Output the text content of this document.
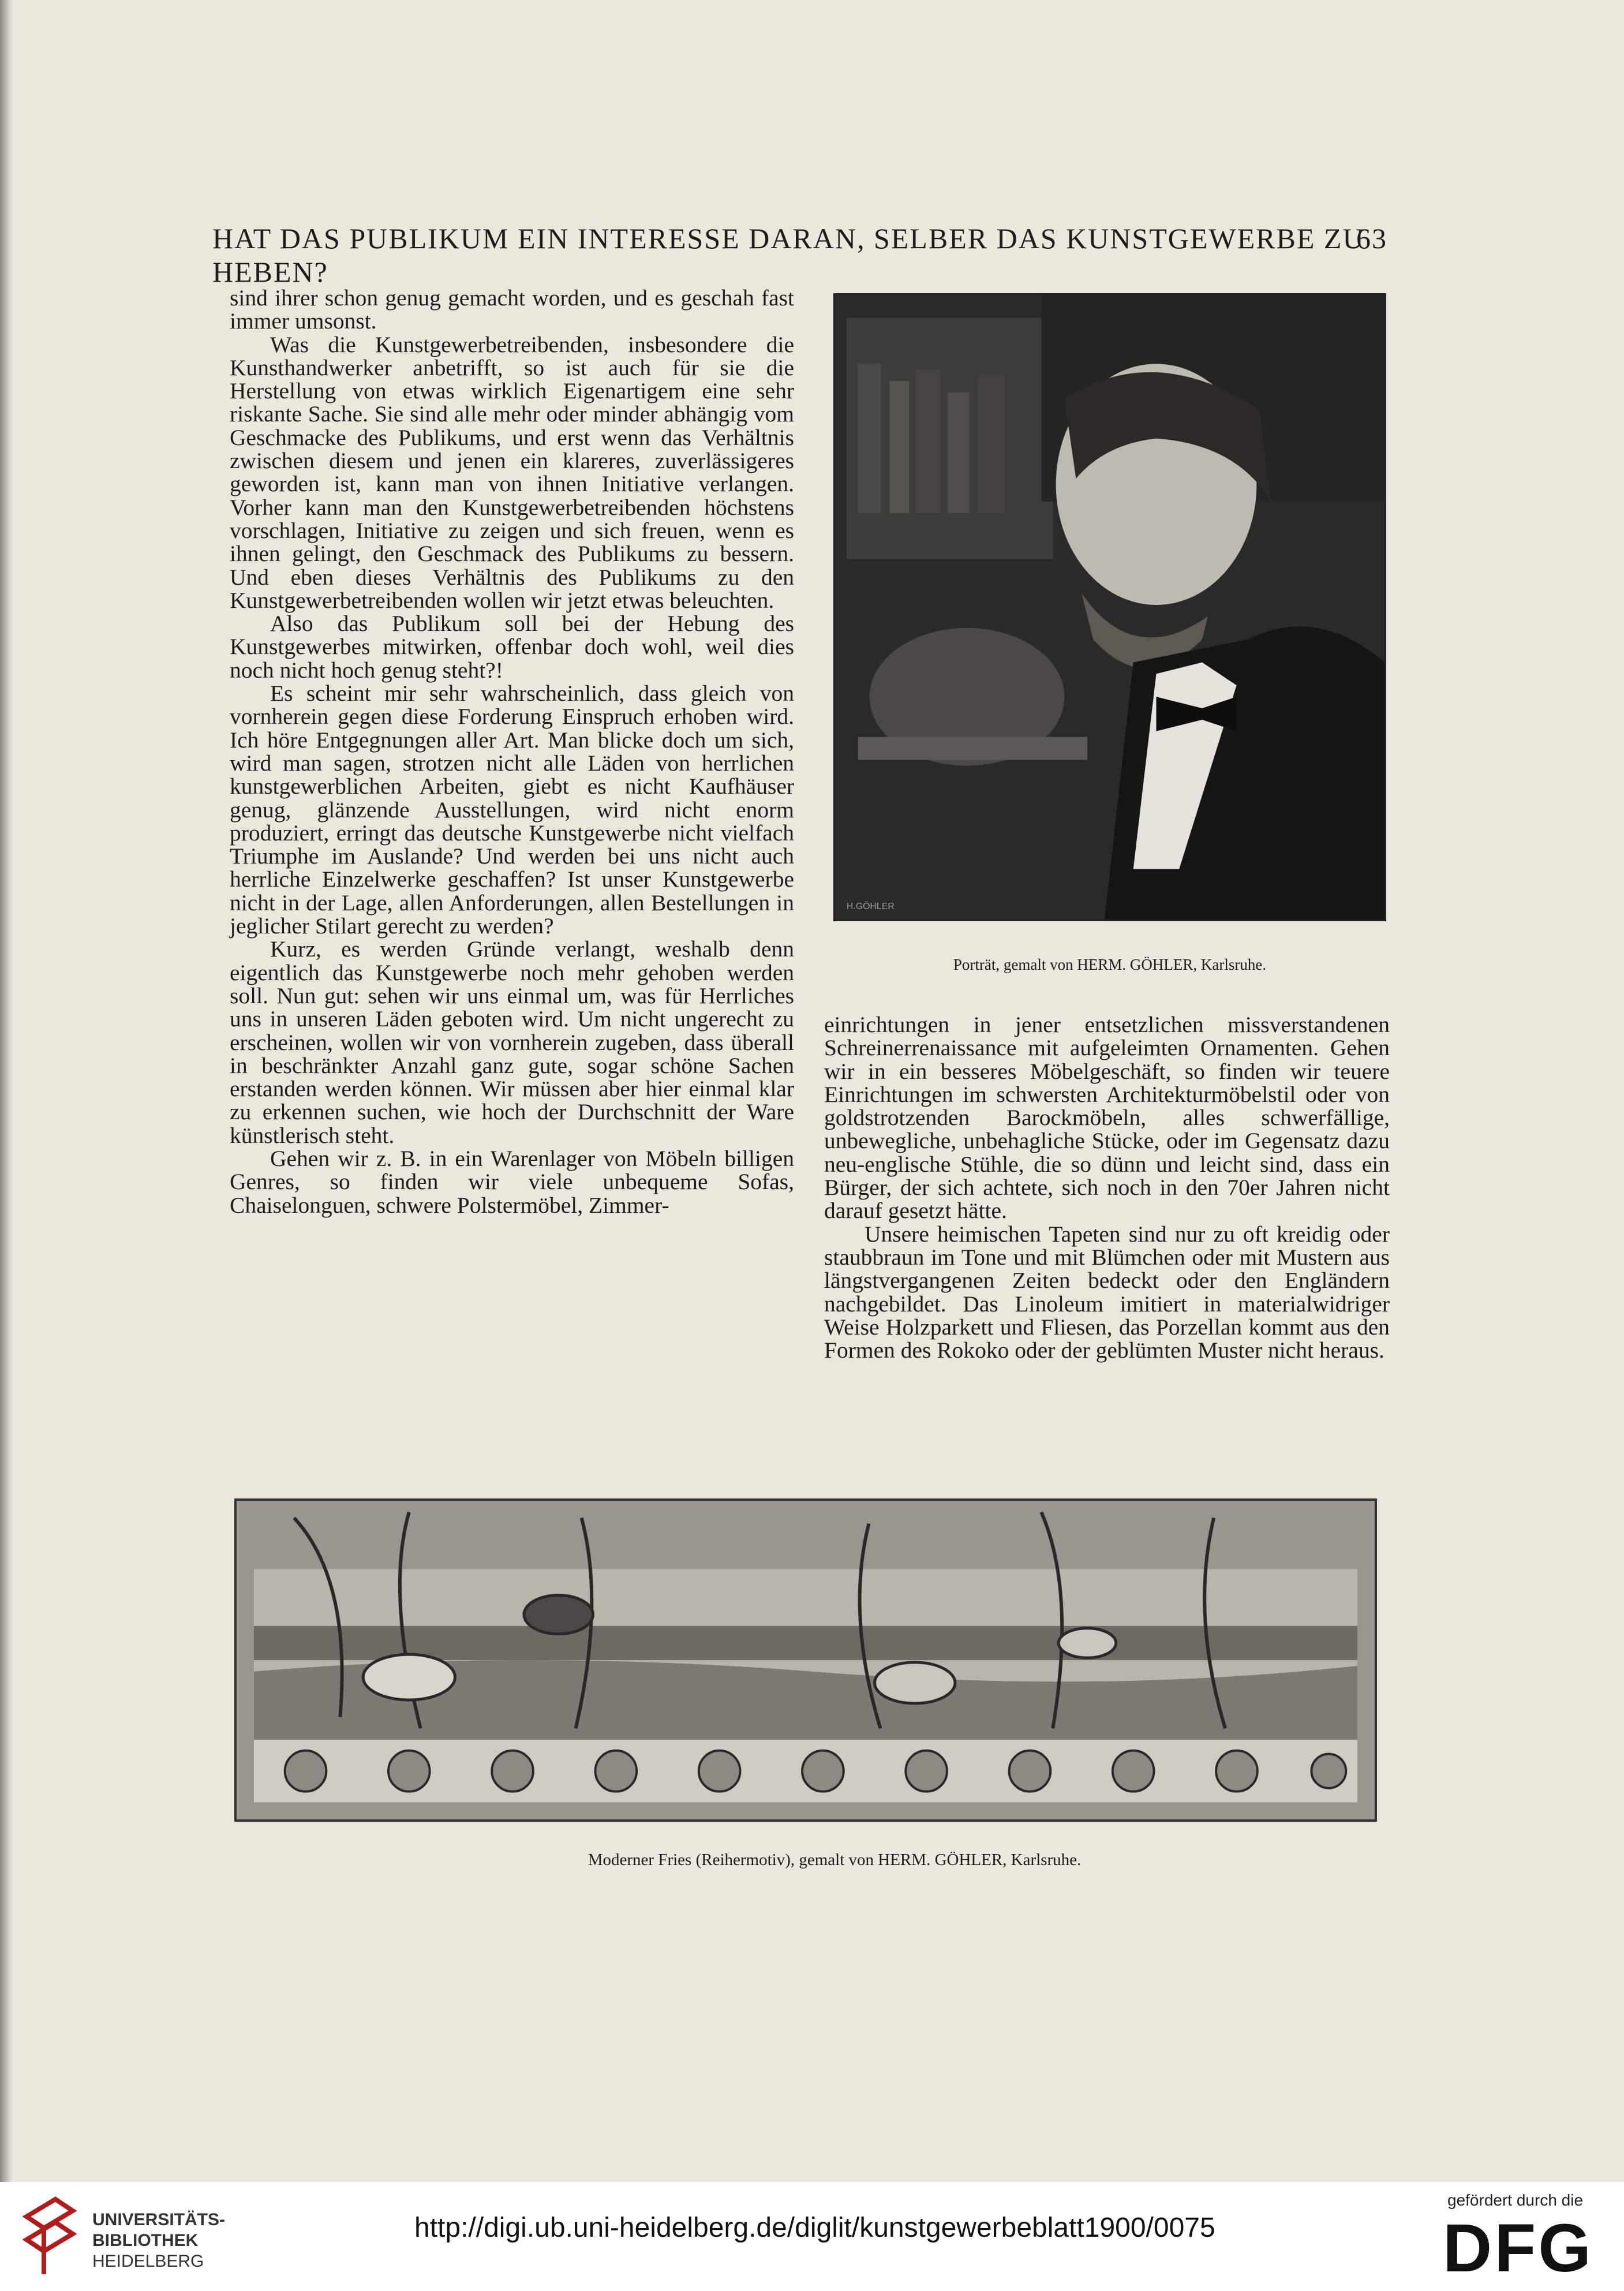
HAT DAS PUBLIKUM EIN INTERESSE DARAN, SELBER DAS KUNSTGEWERBE ZU HEBEN?
63

sind ihrer schon genug gemacht worden, und es geschah fast immer umsonst.

Was die Kunstgewerbetreibenden, insbesondere die Kunsthandwerker anbetrifft, so ist auch für sie die Herstellung von etwas wirklich Eigenartigem eine sehr riskante Sache. Sie sind alle mehr oder minder abhängig vom Geschmacke des Publikums, und erst wenn das Verhältnis zwischen diesem und jenen ein klareres, zuverlässigeres geworden ist, kann man von ihnen Initiative verlangen. Vorher kann man den Kunstgewerbetreibenden höchstens vorschlagen, Initiative zu zeigen und sich freuen, wenn es ihnen gelingt, den Geschmack des Publikums zu bessern. Und eben dieses Verhältnis des Publikums zu den Kunstgewerbetreibenden wollen wir jetzt etwas beleuchten.

Also das Publikum soll bei der Hebung des Kunstgewerbes mitwirken, offenbar doch wohl, weil dies noch nicht hoch genug steht?!

Es scheint mir sehr wahrscheinlich, dass gleich von vornherein gegen diese Forderung Einspruch erhoben wird. Ich höre Entgegnungen aller Art. Man blicke doch um sich, wird man sagen, strotzen nicht alle Läden von herrlichen kunstgewerblichen Arbeiten, giebt es nicht Kaufhäuser genug, glänzende Ausstellungen, wird nicht enorm produziert, erringt das deutsche Kunstgewerbe nicht vielfach Triumphe im Auslande? Und werden bei uns nicht auch herrliche Einzelwerke geschaffen? Ist unser Kunstgewerbe nicht in der Lage, allen Anforderungen, allen Bestellungen in jeglicher Stilart gerecht zu werden?

Kurz, es werden Gründe verlangt, weshalb denn eigentlich das Kunstgewerbe noch mehr gehoben werden soll. Nun gut: sehen wir uns einmal um, was für Herrliches uns in unseren Läden geboten wird. Um nicht ungerecht zu erscheinen, wollen wir von vornherein zugeben, dass überall in beschränkter Anzahl ganz gute, sogar schöne Sachen erstanden werden können. Wir müssen aber hier einmal klar zu erkennen suchen, wie hoch der Durchschnitt der Ware künstlerisch steht.

Gehen wir z. B. in ein Warenlager von Möbeln billigen Genres, so finden wir viele unbequeme Sofas, Chaiselonguen, schwere Polstermöbel, Zimmer-

H.GÖHLER
Porträt, gemalt von HERM. GÖHLER, Karlsruhe.

einrichtungen in jener entsetzlichen missverstandenen Schreinerrenaissance mit aufgeleimten Ornamenten. Gehen wir in ein besseres Möbelgeschäft, so finden wir teuere Einrichtungen im schwersten Architekturmöbelstil oder von goldstrotzenden Barockmöbeln, alles schwerfällige, unbewegliche, unbehagliche Stücke, oder im Gegensatz dazu neu-englische Stühle, die so dünn und leicht sind, dass ein Bürger, der sich achtete, sich noch in den 70er Jahren nicht darauf gesetzt hätte.

Unsere heimischen Tapeten sind nur zu oft kreidig oder staubbraun im Tone und mit Blümchen oder mit Mustern aus längstvergangenen Zeiten bedeckt oder den Engländern nachgebildet. Das Linoleum imitiert in materialwidriger Weise Holzparkett und Fliesen, das Porzellan kommt aus den Formen des Rokoko oder der geblümten Muster nicht heraus.

Moderner Fries (Reihermotiv), gemalt von HERM. GÖHLER, Karlsruhe.
UNIVERSITÄTS-
BIBLIOTHEK
HEIDELBERG
http://digi.ub.uni-heidelberg.de/diglit/kunstgewerbeblatt1900/0075
gefördert durch die
DFG
